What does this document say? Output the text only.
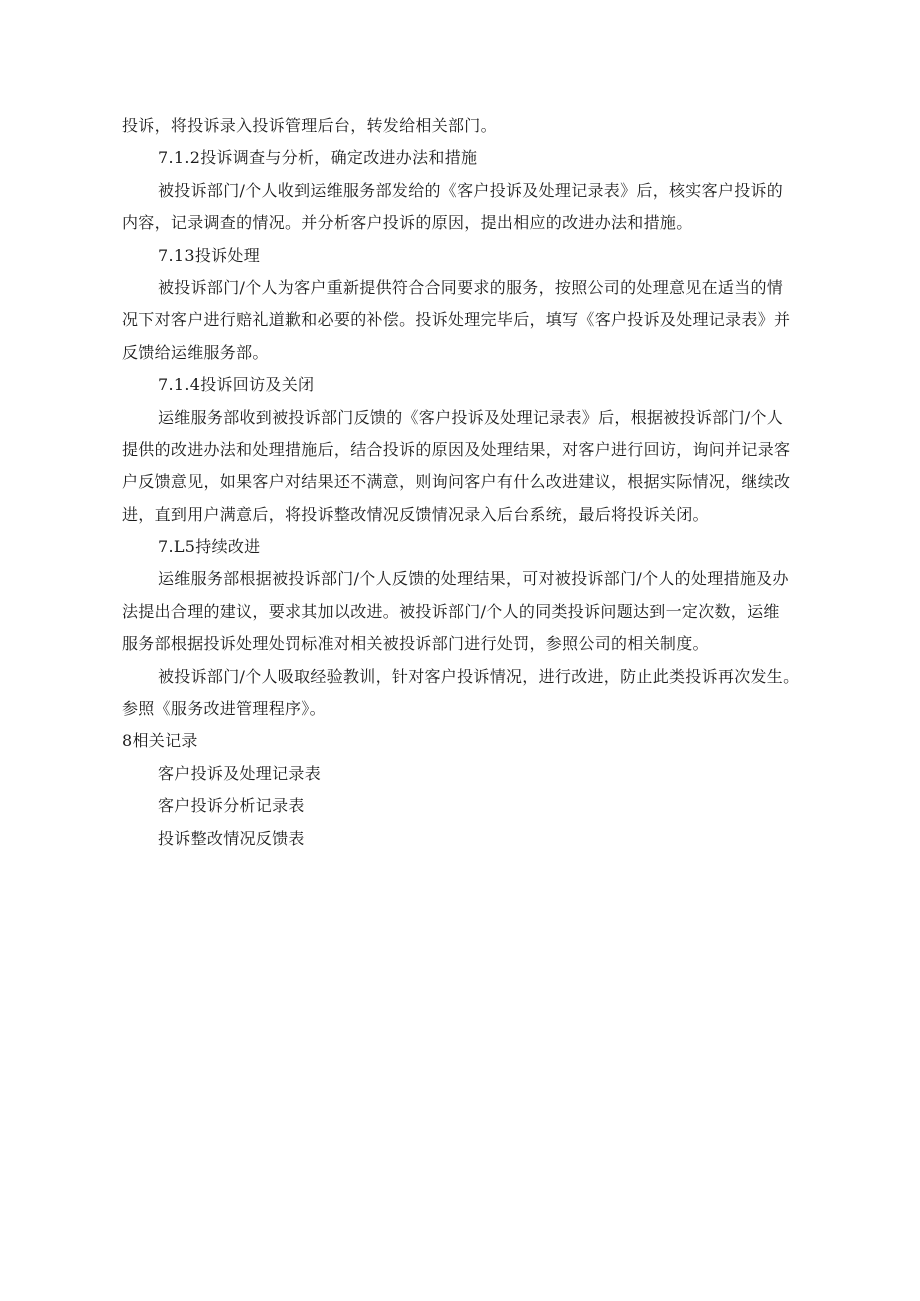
投诉，将投诉录入投诉管理后台，转发给相关部门。
7.1.2投诉调查与分析，确定改进办法和措施
被投诉部门/个人收到运维服务部发给的《客户投诉及处理记录表》后，核实客户投诉的
内容，记录调查的情况。并分析客户投诉的原因，提出相应的改进办法和措施。
7.13投诉处理
被投诉部门/个人为客户重新提供符合合同要求的服务，按照公司的处理意见在适当的情
况下对客户进行赔礼道歉和必要的补偿。投诉处理完毕后，填写《客户投诉及处理记录表》并
反馈给运维服务部。
7.1.4投诉回访及关闭
运维服务部收到被投诉部门反馈的《客户投诉及处理记录表》后，根据被投诉部门/个人
提供的改进办法和处理措施后，结合投诉的原因及处理结果，对客户进行回访，询问并记录客
户反馈意见，如果客户对结果还不满意，则询问客户有什么改进建议，根据实际情况，继续改
进，直到用户满意后，将投诉整改情况反馈情况录入后台系统，最后将投诉关闭。
7.L5持续改进
运维服务部根据被投诉部门/个人反馈的处理结果，可对被投诉部门/个人的处理措施及办
法提出合理的建议，要求其加以改进。被投诉部门/个人的同类投诉问题达到一定次数，运维
服务部根据投诉处理处罚标准对相关被投诉部门进行处罚，参照公司的相关制度。
被投诉部门/个人吸取经验教训，针对客户投诉情况，进行改进，防止此类投诉再次发生。
参照《服务改进管理程序》。
8相关记录
客户投诉及处理记录表
客户投诉分析记录表
投诉整改情况反馈表
